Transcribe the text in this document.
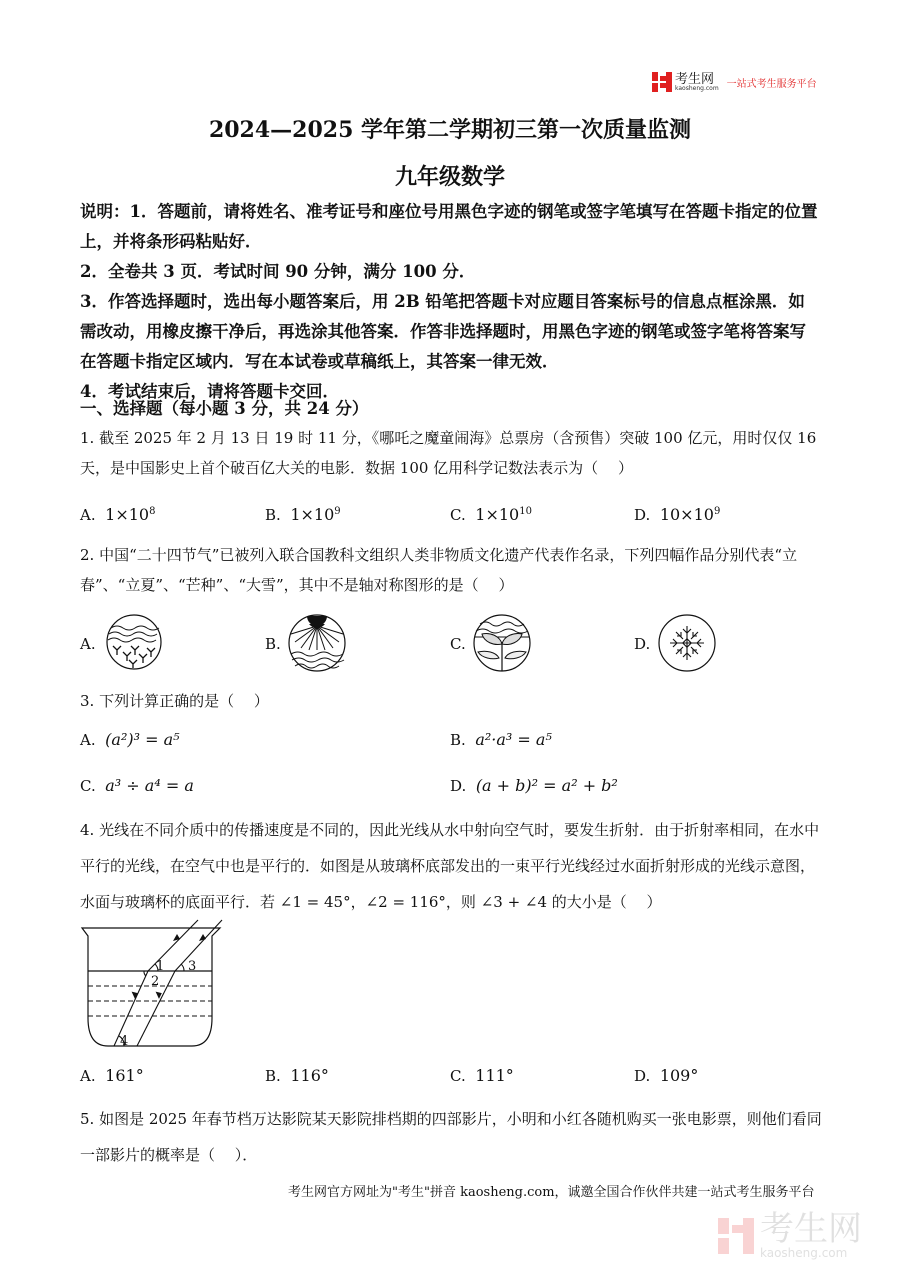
考生网
kaosheng.com 一站式考生服务平台
2024—2025 学年第二学期初三第一次质量监测
九年级数学
说明：1．答题前，请将姓名、准考证号和座位号用黑色字迹的钢笔或签字笔填写在答题卡指定的位置上，并将条形码粘贴好．
2．全卷共 3 页．考试时间 90 分钟，满分 100 分．
3．作答选择题时，选出每小题答案后，用 2B 铅笔把答题卡对应题目答案标号的信息点框涂黑．如需改动，用橡皮擦干净后，再选涂其他答案．作答非选择题时，用黑色字迹的钢笔或签字笔将答案写在答题卡指定区域内．写在本试卷或草稿纸上，其答案一律无效．
4．考试结束后，请将答题卡交回．
一、选择题（每小题 3 分，共 24 分）
1. 截至 2025 年 2 月 13 日 19 时 11 分，《哪吒之魔童闹海》总票房（含预售）突破 100 亿元，用时仅仅 16 天，是中国影史上首个破百亿大关的电影．数据 100 亿用科学记数法表示为（　 ）
A. $1\times 10^8$	B. $1\times 10^9$	C. $1\times 10^{10}$	D. $10\times 10^9$
2. 中国“二十四节气”已被列入联合国教科文组织人类非物质文化遗产代表作名录，下列四幅作品分别代表“立春”、“立夏”、“芒种”、“大雪”，其中不是轴对称图形的是（　 ）
A.	B.	C.	D.
3. 下列计算正确的是（　 ）
A. (a²)³ = a⁵	B. a²·a³ = a⁵
C. a³ ÷ a⁴ = a	D. (a + b)² = a² + b²
4. 光线在不同介质中的传播速度是不同的，因此光线从水中射向空气时，要发生折射．由于折射率相同，在水中平行的光线，在空气中也是平行的．如图是从玻璃杯底部发出的一束平行光线经过水面折射形成的光线示意图，水面与玻璃杯的底面平行．若 ∠1 = 45°，∠2 = 116°，则 ∠3 + ∠4 的大小是（　 ）
1
2
3
4
A. 161°	B. 116°	C. 111°	D. 109°
5. 如图是 2025 年春节档万达影院某天影院排档期的四部影片，小明和小红各随机购买一张电影票，则他们看同一部影片的概率是（　 ）．
考生网官方网址为"考生"拼音 kaosheng.com，诚邀全国合作伙伴共建一站式考生服务平台
考生网
kaosheng.com
